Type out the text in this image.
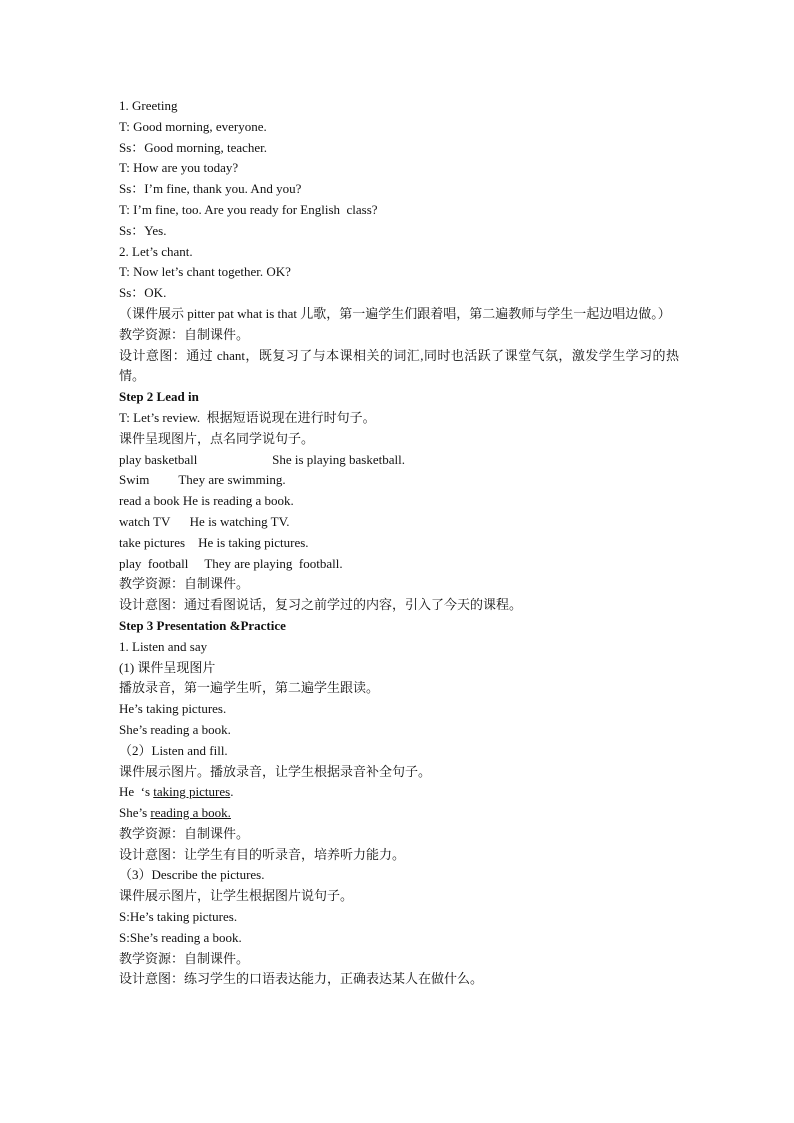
1. Greeting
T: Good morning, everyone.
Ss：Good morning, teacher.
T: How are you today?
Ss：I’m fine, thank you. And you?
T: I’m fine, too. Are you ready for English  class?
Ss：Yes.
2. Let’s chant.
T: Now let’s chant together. OK?
Ss：OK.
（课件展示 pitter pat what is that 儿歌，第一遍学生们跟着唱，第二遍教师与学生一起边唱边做。）
教学资源：自制课件。
设计意图：通过 chant，既复习了与本课相关的词汇,同时也活跃了课堂气氛，激发学生学习的热情。
Step 2 Lead in
T: Let’s review.  根据短语说现在进行时句子。
课件呈现图片，点名同学说句子。
play basketball	She is playing basketball.
Swim They are swimming.
read a book He is reading a book.
watch TV He is watching TV.
take pictures He is taking pictures.
play  football They are playing  football.
教学资源：自制课件。
设计意图：通过看图说话，复习之前学过的内容，引入了今天的课程。
Step 3 Presentation &Practice
1. Listen and say
(1) 课件呈现图片
播放录音，第一遍学生听，第二遍学生跟读。
He’s taking pictures.
She’s reading a book.
（2）Listen and fill.
课件展示图片。播放录音，让学生根据录音补全句子。
He  ‘s taking pictures.
She’s reading a book.
教学资源：自制课件。
设计意图：让学生有目的听录音，培养听力能力。
（3）Describe the pictures.
课件展示图片，让学生根据图片说句子。
S:He’s taking pictures.
S:She’s reading a book.
教学资源：自制课件。
设计意图：练习学生的口语表达能力，正确表达某人在做什么。
